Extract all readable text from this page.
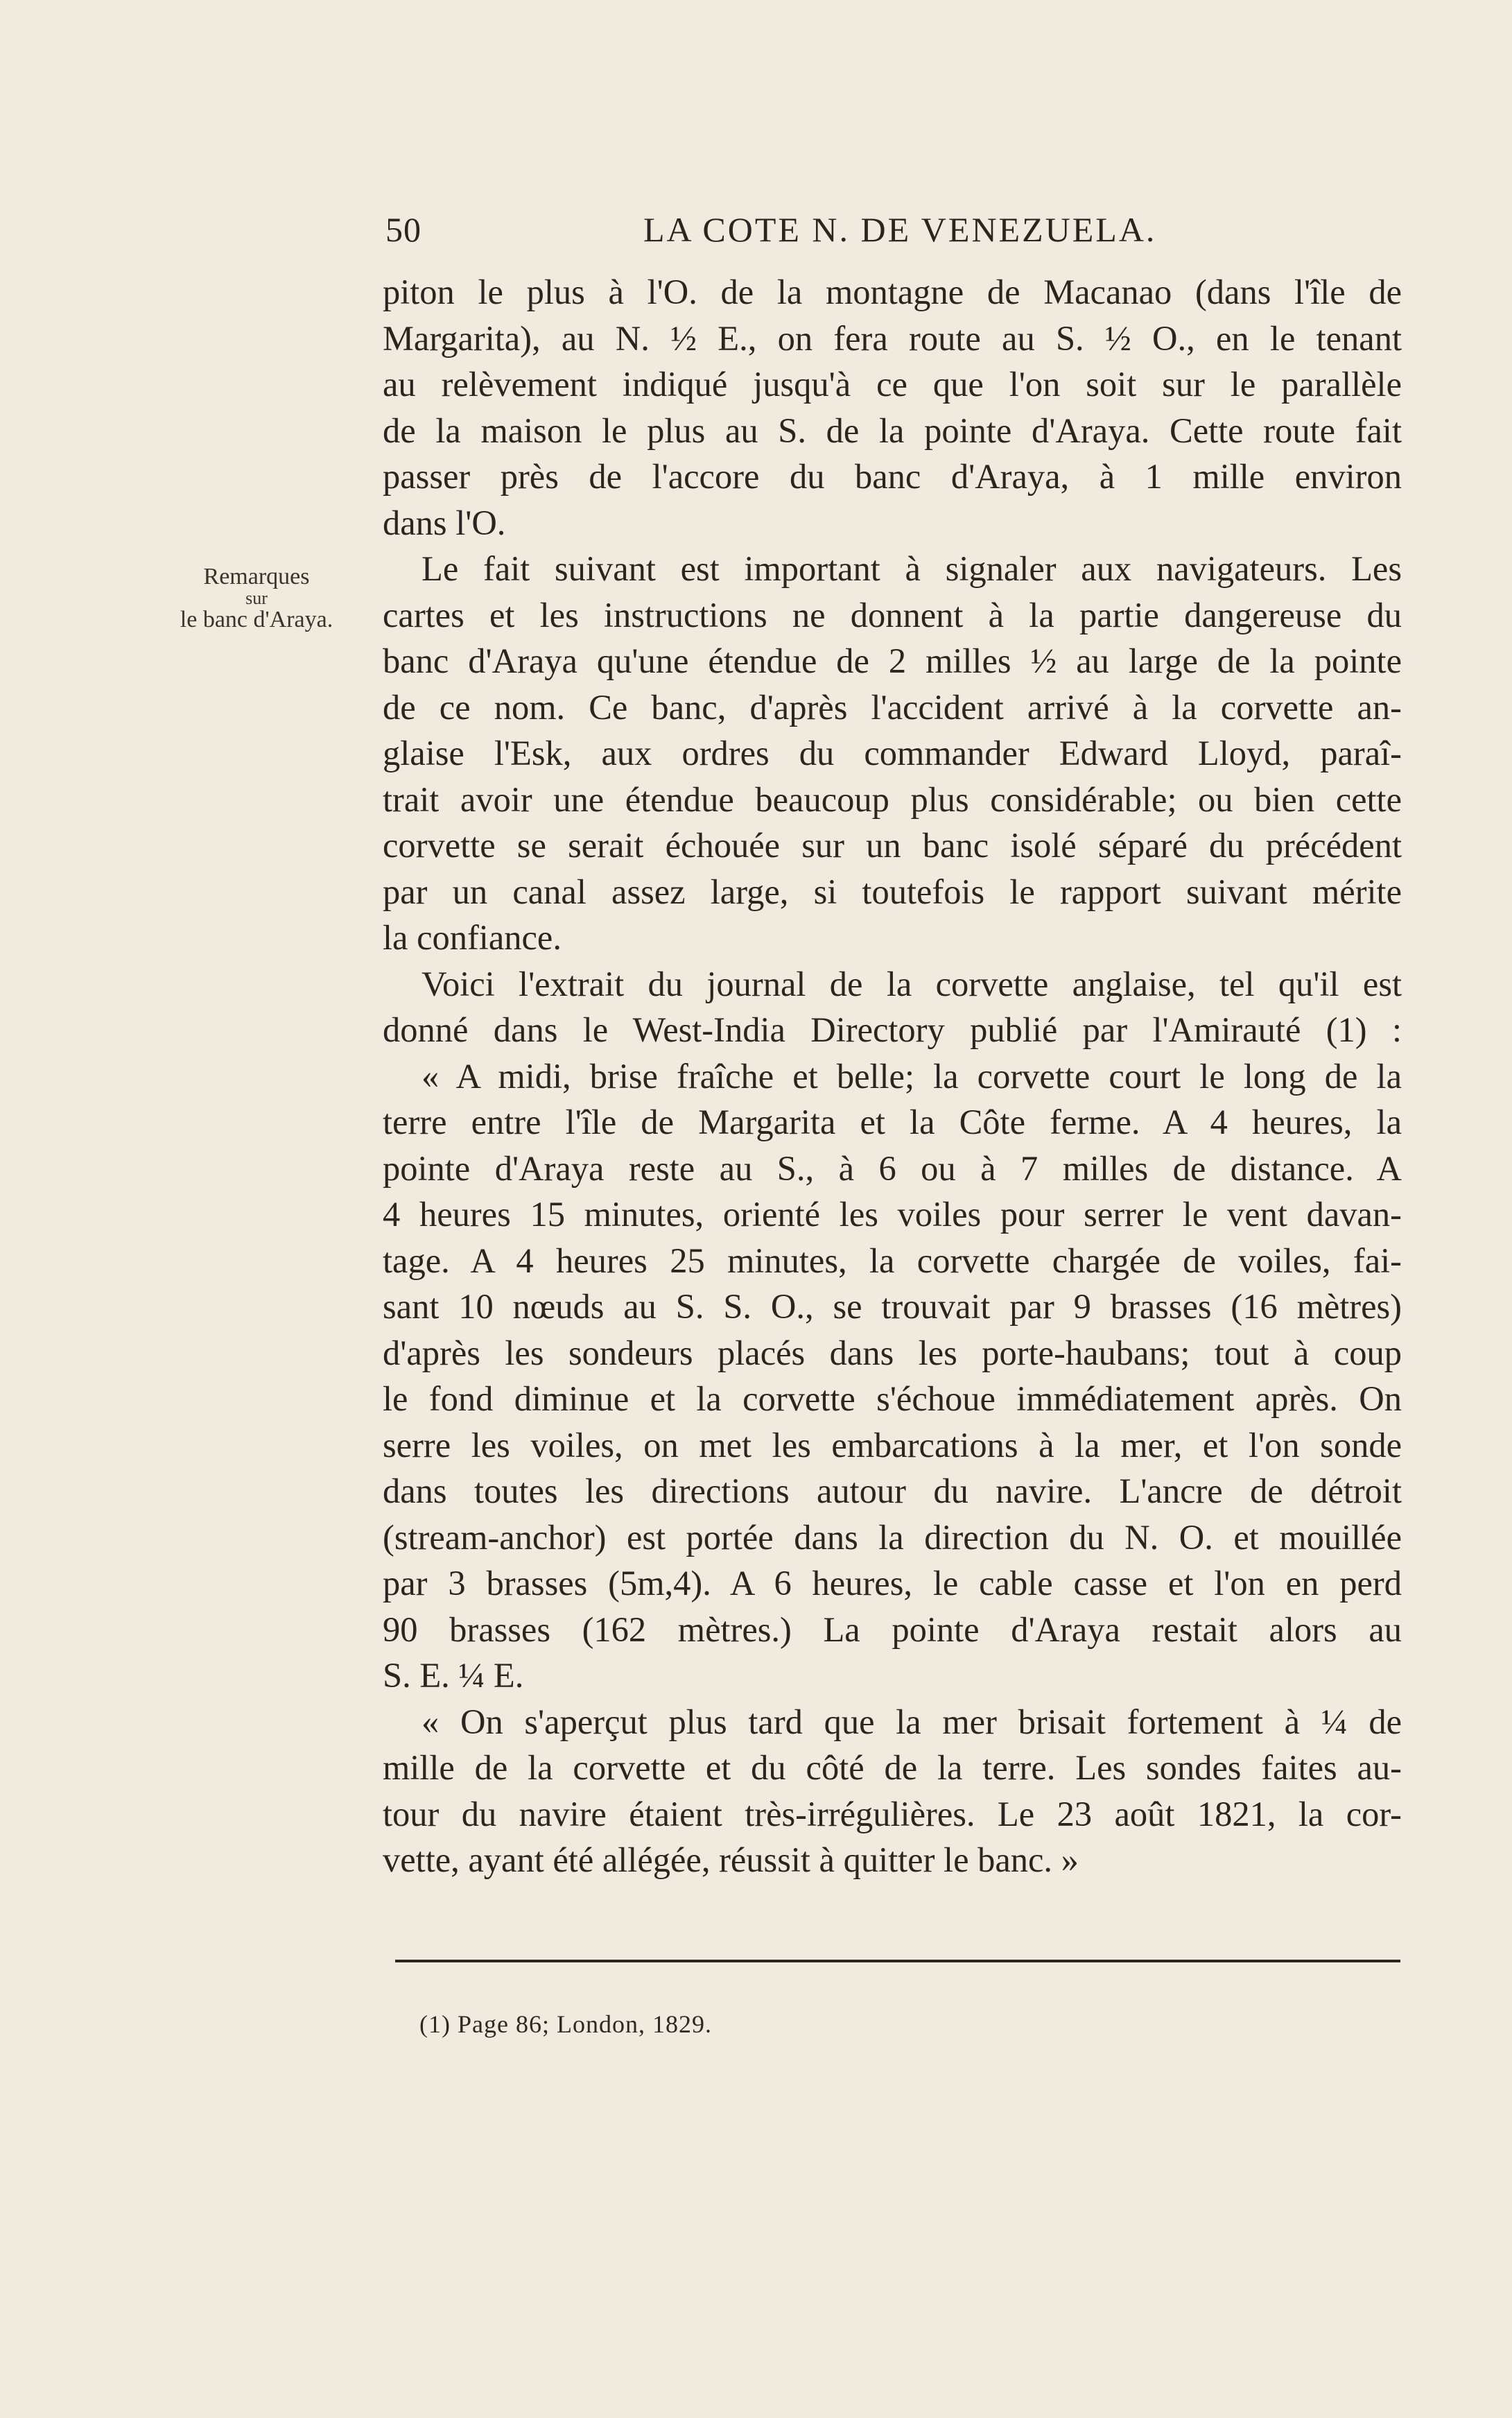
50	LA COTE N. DE VENEZUELA.
Remarques
sur
le banc d'Araya.
piton le plus à l'O. de la montagne de Macanao (dans l'île de
Margarita), au N. ½ E., on fera route au S. ½ O., en le tenant
au relèvement indiqué jusqu'à ce que l'on soit sur le parallèle
de la maison le plus au S. de la pointe d'Araya. Cette route fait
passer près de l'accore du banc d'Araya, à 1 mille environ
dans l'O.
Le fait suivant est important à signaler aux navigateurs. Les
cartes et les instructions ne donnent à la partie dangereuse du
banc d'Araya qu'une étendue de 2 milles ½ au large de la pointe
de ce nom. Ce banc, d'après l'accident arrivé à la corvette an-
glaise l'Esk, aux ordres du commander Edward Lloyd, paraî-
trait avoir une étendue beaucoup plus considérable; ou bien cette
corvette se serait échouée sur un banc isolé séparé du précédent
par un canal assez large, si toutefois le rapport suivant mérite
la confiance.
Voici l'extrait du journal de la corvette anglaise, tel qu'il est
donné dans le West-India Directory publié par l'Amirauté (1) :
« A midi, brise fraîche et belle; la corvette court le long de la
terre entre l'île de Margarita et la Côte ferme. A 4 heures, la
pointe d'Araya reste au S., à 6 ou à 7 milles de distance. A
4 heures 15 minutes, orienté les voiles pour serrer le vent davan-
tage. A 4 heures 25 minutes, la corvette chargée de voiles, fai-
sant 10 nœuds au S. S. O., se trouvait par 9 brasses (16 mètres)
d'après les sondeurs placés dans les porte-haubans; tout à coup
le fond diminue et la corvette s'échoue immédiatement après. On
serre les voiles, on met les embarcations à la mer, et l'on sonde
dans toutes les directions autour du navire. L'ancre de détroit
(stream-anchor) est portée dans la direction du N. O. et mouillée
par 3 brasses (5m,4). A 6 heures, le cable casse et l'on en perd
90 brasses (162 mètres.) La pointe d'Araya restait alors au
S. E. ¼ E.
« On s'aperçut plus tard que la mer brisait fortement à ¼ de
mille de la corvette et du côté de la terre. Les sondes faites au-
tour du navire étaient très-irrégulières. Le 23 août 1821, la cor-
vette, ayant été allégée, réussit à quitter le banc. »
(1) Page 86; London, 1829.
